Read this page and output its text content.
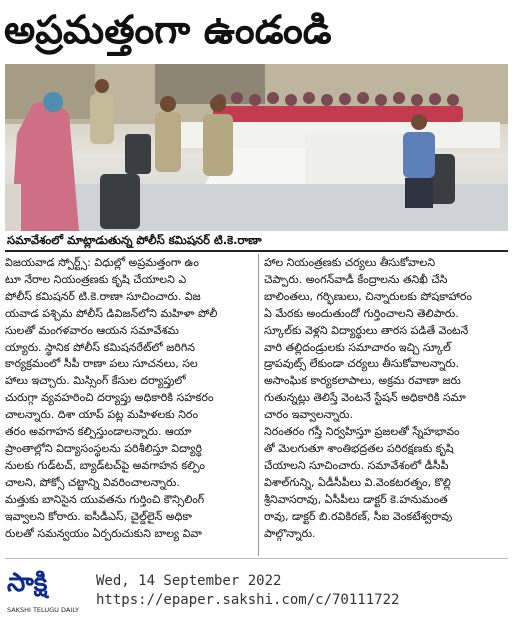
అప్రమత్తంగా ఉండండి
సమావేశంలో మాట్లాడుతున్న పోలీస్ కమిషనర్ టి.కె.రాణా

విజయవాడ స్పోర్ట్స్: విధుల్లో అప్రమత్తంగా ఉం

టూ నేరాల నియంత్రణకు కృషి చేయాలని ఎ

పోలీస్ కమిషనర్ టి.కె.రాణా సూచించారు. విజ

యవాడ పశ్చిమ పోలీస్ డివిజన్‌లోని మహిళా పోలీ

సులతో మంగళవారం ఆయన సమావేశమ

య్యారు. స్థానిక పోలీస్ కమిషనరేట్‌లో జరిగిన

కార్యక్రమంలో సీపీ రాణా పలు సూచనలు, సల

హాలు ఇచ్చారు. మిస్సింగ్ కేసుల దర్యాప్తులో

చురుగ్గా వ్యవహరించి దర్యాప్తు అధికారికి సహకరం

చాలన్నారు. దిశా యాప్ పట్ల మహిళలకు నిరం

తరం అవగాహన కల్పిస్తుండాలన్నారు. ఆయా

ప్రాంతాల్లోని విద్యాసంస్థలను పరిశీలిస్తూ విద్యార్థి

నులకు గుడ్‌టచ్, బ్యాడ్‌టచ్‌పై అవగాహన కల్పిం

చాలని, పోక్సో చట్టాన్ని వివరించాలన్నారు.

మత్తుకు బానిసైన యువతను గుర్తించి కౌన్సిలింగ్

ఇవ్వాలని కోరారు. ఐసీడీఎస్, చైల్డ్‌లైన్ అధికా

రులతో సమన్వయం ఏర్పరుచుకుని బాల్య వివా

హాల నియంత్రణకు చర్యలు తీసుకోవాలని

చెప్పారు. అంగన్‌వాడీ కేంద్రాలను తనిఖీ చేసి

బాలింతలు, గర్భిణులు, చిన్నారులకు పోషకాహారం

ఏ మేరకు అందుతుందో గుర్తించాలని తెలిపారు.

స్కూల్‌కు వెళ్లని విద్యార్థులు తారస పడితే వెంటనే

వారి తల్లిదండ్రులకు సమాచారం ఇచ్చి స్కూల్

డ్రాపవుట్స్ లేకుండా చర్యలు తీసుకోవాలన్నారు.

అసాంఘిక కార్యకలాపాలు, అక్రమ రవాణా జరు

గుతున్నట్లు తెలిస్తే వెంటనే స్టేషన్ అధికారికి సమా

చారం ఇవ్వాలన్నారు.

నిరంతరం గస్తీ నిర్వహిస్తూ ప్రజలతో స్నేహభావం

తో మెలగుతూ శాంతిభద్రతల పరిరక్షణకు కృషి

చేయాలని సూచించారు. సమావేశంలో డీసీపీ

విశాల్‌గున్ని, ఏడీసీపీలు వి.వెంకటరత్నం, కొల్లి

శ్రీనివాసరావు, ఏసీపీలు డాక్టర్ కె.హనుమంత

రావు, డాక్టర్ బి.రవికిరణ్, సీఐ వెంకటేశ్వరావు

పాల్గొన్నారు.

సాక్షి
SAKSHI TELUGU DAILY
Wed, 14 September 2022
https://epaper.sakshi.com/c/70111722
